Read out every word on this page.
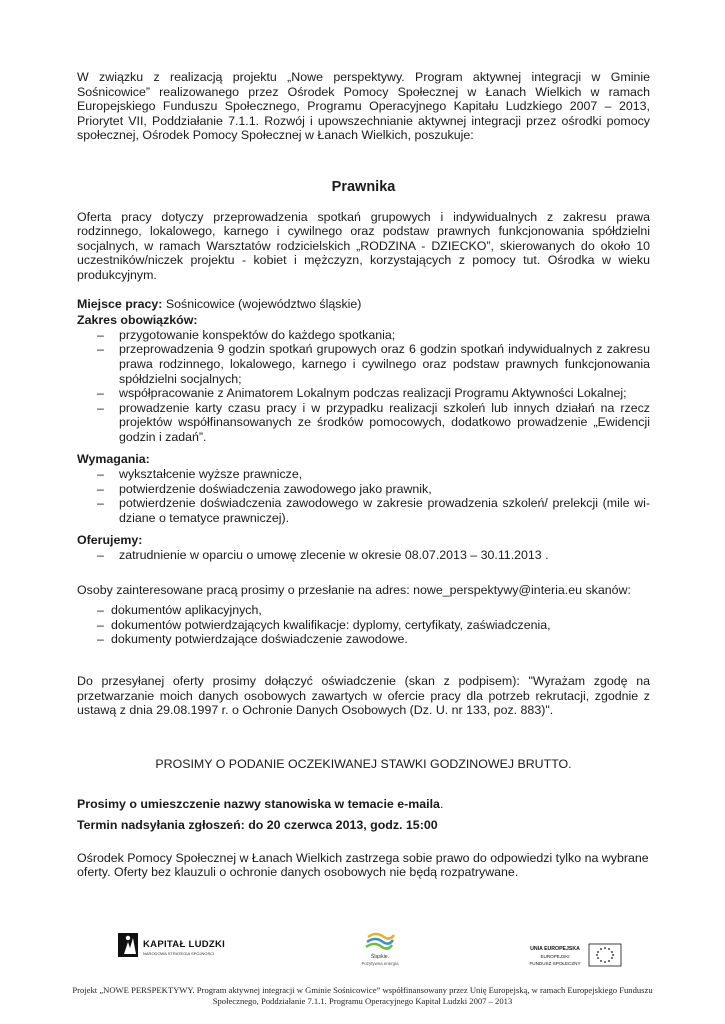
W związku z realizacją projektu „Nowe perspektywy. Program aktywnej integracji w Gminie Sośnicowice” realizowanego przez Ośrodek Pomocy Społecznej w Łanach Wielkich w ramach Europejskiego Funduszu Społecznego, Programu Operacyjnego Kapitału Ludzkiego 2007 – 2013, Priorytet VII, Poddziałanie 7.1.1. Rozwój i upowszechnianie aktywnej integracji przez ośrodki pomocy społecznej, Ośrodek Pomocy Społecznej w Łanach Wielkich, poszukuje:

Prawnika

Oferta pracy dotyczy przeprowadzenia spotkań grupowych i indywidualnych z zakresu prawa rodzinnego, lokalowego, karnego i cywilnego oraz podstaw prawnych funkcjonowania spółdzielni socjalnych, w ramach Warsztatów rodzicielskich „RODZINA - DZIECKO”, skierowanych do około 10 uczestników/niczek projektu - kobiet i mężczyzn, korzystających z pomocy tut. Ośrodka w wieku produkcyjnym.

Miejsce pracy: Sośnicowice (województwo śląskie)

Zakres obowiązków:

– przygotowanie konspektów do każdego spotkania;
– przeprowadzenia 9 godzin spotkań grupowych oraz 6 godzin spotkań indywidualnych z zakresu prawa rodzinnego, lokalowego, karnego i cywilnego oraz podstaw prawnych funkcjonowania spółdzielni socjalnych;
– współpracowanie z Animatorem Lokalnym podczas realizacji Programu Aktywności Lokalnej;
– prowadzenie karty czasu pracy i w przypadku realizacji szkoleń lub innych działań na rzecz projektów współfinansowanych ze środków pomocowych, dodatkowo prowadzenie „Ewidencji godzin i zadań”.

Wymagania:

– wykształcenie wyższe prawnicze,
– potwierdzenie doświadczenia zawodowego jako prawnik,
– potwierdzenie doświadczenia zawodowego w zakresie prowadzenia szkoleń/ prelekcji (mile wi-dziane o tematyce prawniczej).

Oferujemy:

– zatrudnienie w oparciu o umowę zlecenie w okresie 08.07.2013 – 30.11.2013 .

Osoby zainteresowane pracą prosimy o przesłanie na adres: nowe_perspektywy@interia.eu skanów:

– dokumentów aplikacyjnych,
– dokumentów potwierdzających kwalifikacje: dyplomy, certyfikaty, zaświadczenia,
– dokumenty potwierdzające doświadczenie zawodowe.

Do przesyłanej oferty prosimy dołączyć oświadczenie (skan z podpisem): "Wyrażam zgodę na przetwarzanie moich danych osobowych zawartych w ofercie pracy dla potrzeb rekrutacji, zgodnie z ustawą z dnia 29.08.1997 r. o Ochronie Danych Osobowych (Dz. U. nr 133, poz. 883)".

PROSIMY O PODANIE OCZEKIWANEJ STAWKI GODZINOWEJ BRUTTO.

Prosimy o umieszczenie nazwy stanowiska w temacie e-maila.

Termin nadsyłania zgłoszeń: do 20 czerwca 2013, godz. 15:00

Ośrodek Pomocy Społecznej w Łanach Wielkich zastrzega sobie prawo do odpowiedzi tylko na wybrane oferty. Oferty bez klauzuli o ochronie danych osobowych nie będą rozpatrywane.

KAPITAŁ LUDZKI
NARODOWA STRATEGIA SPÓJNOŚCI
Śląskie.
Pozytywna energia
UNIA EUROPEJSKA
EUROPEJSKI
FUNDUSZ SPOŁECZNY
Projekt „NOWE PERSPEKTYWY. Program aktywnej integracji w Gminie Sośnicowice” współfinansowany przez Unię Europejską, w ramach Europejskiego Funduszu Społecznego, Poddziałanie 7.1.1. Programu Operacyjnego Kapitał Ludzki 2007 – 2013
